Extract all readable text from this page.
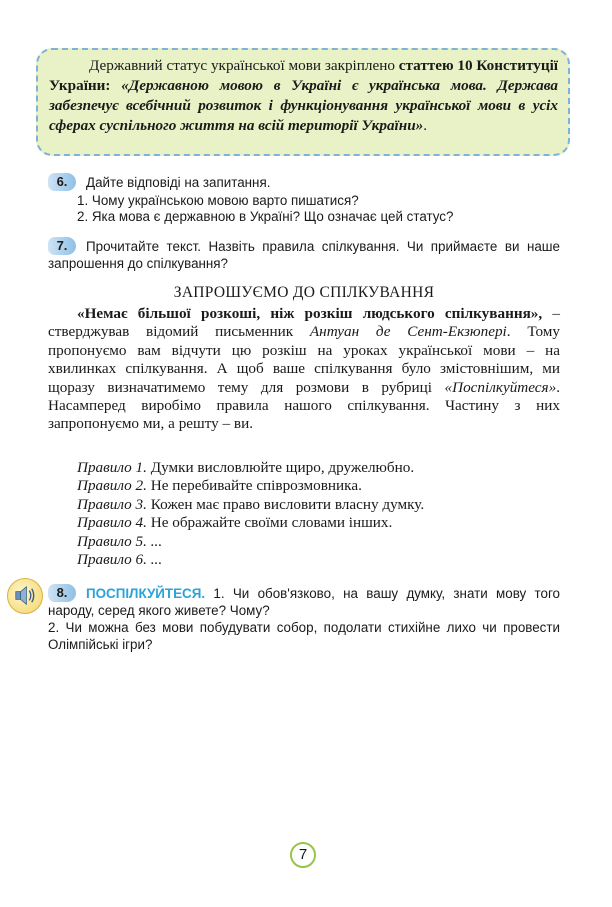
Державний статус української мови закріплено статтею 10 Конституції України: «Державною мовою в Україні є українська мова. Держава забезпечує всебічний розвиток і функціонування української мови в усіх сферах суспільного життя на всій території України».

6.	Дайте відповіді на запитання.
1. Чому українською мовою варто пишатися?
2. Яка мова є державною в Україні? Що означає цей статус?
7.	Прочитайте текст. Назвіть правила спілкування. Чи приймаєте ви наше запрошення до спілкування?
ЗАПРОШУЄМО ДО СПІЛКУВАННЯ

«Немає більшої розкоші, ніж розкіш людського спілкування», – стверджував відомий письменник Антуан де Сент-Екзюпері. Тому пропонуємо вам відчути цю розкіш на уроках української мови – на хвилинках спілкування. А щоб ваше спілкування було змістовнішим, ми щоразу визначатимемо тему для розмови в рубриці «Поспілкуйтеся». Насамперед виробімо правила нашого спілкування. Частину з них запропонуємо ми, а решту – ви.

Правило 1. Думки висловлюйте щиро, дружелюбно.
Правило 2. Не перебивайте співрозмовника.
Правило 3. Кожен має право висловити власну думку.
Правило 4. Не ображайте своїми словами інших.
Правило 5. ...
Правило 6. ...
8.	ПОСПІЛКУЙТЕСЯ. 1. Чи обов'язково, на вашу думку, знати мову того народу, серед якого живете? Чому?
2. Чи можна без мови побудувати собор, подолати стихійне лихо чи провести Олімпійські ігри?
7
